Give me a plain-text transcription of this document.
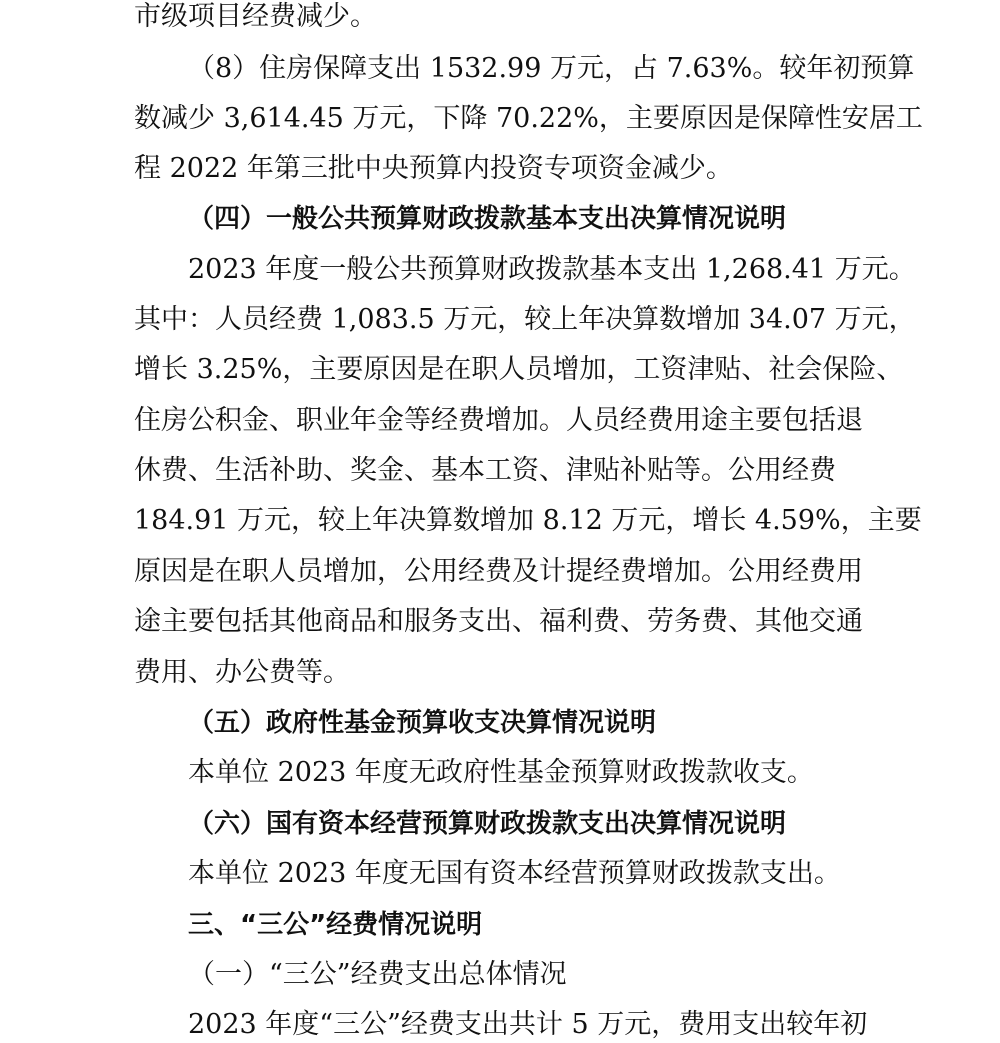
市级项目经费减少。
（8）住房保障支出 1532.99 万元，占 7.63%。较年初预算
数减少 3,614.45 万元，下降 70.22%，主要原因是保障性安居工
程 2022 年第三批中央预算内投资专项资金减少。
（四）一般公共预算财政拨款基本支出决算情况说明
2023 年度一般公共预算财政拨款基本支出 1,268.41 万元。
其中：人员经费 1,083.5 万元，较上年决算数增加 34.07 万元，
增长 3.25%，主要原因是在职人员增加，工资津贴、社会保险、
住房公积金、职业年金等经费增加。人员经费用途主要包括退
休费、生活补助、奖金、基本工资、津贴补贴等。公用经费
184.91 万元，较上年决算数增加 8.12 万元，增长 4.59%，主要
原因是在职人员增加，公用经费及计提经费增加。公用经费用
途主要包括其他商品和服务支出、福利费、劳务费、其他交通
费用、办公费等。
（五）政府性基金预算收支决算情况说明
本单位 2023 年度无政府性基金预算财政拨款收支。
（六）国有资本经营预算财政拨款支出决算情况说明
本单位 2023 年度无国有资本经营预算财政拨款支出。
三、“三公”经费情况说明
（一）“三公”经费支出总体情况
2023 年度“三公”经费支出共计 5 万元，费用支出较年初
